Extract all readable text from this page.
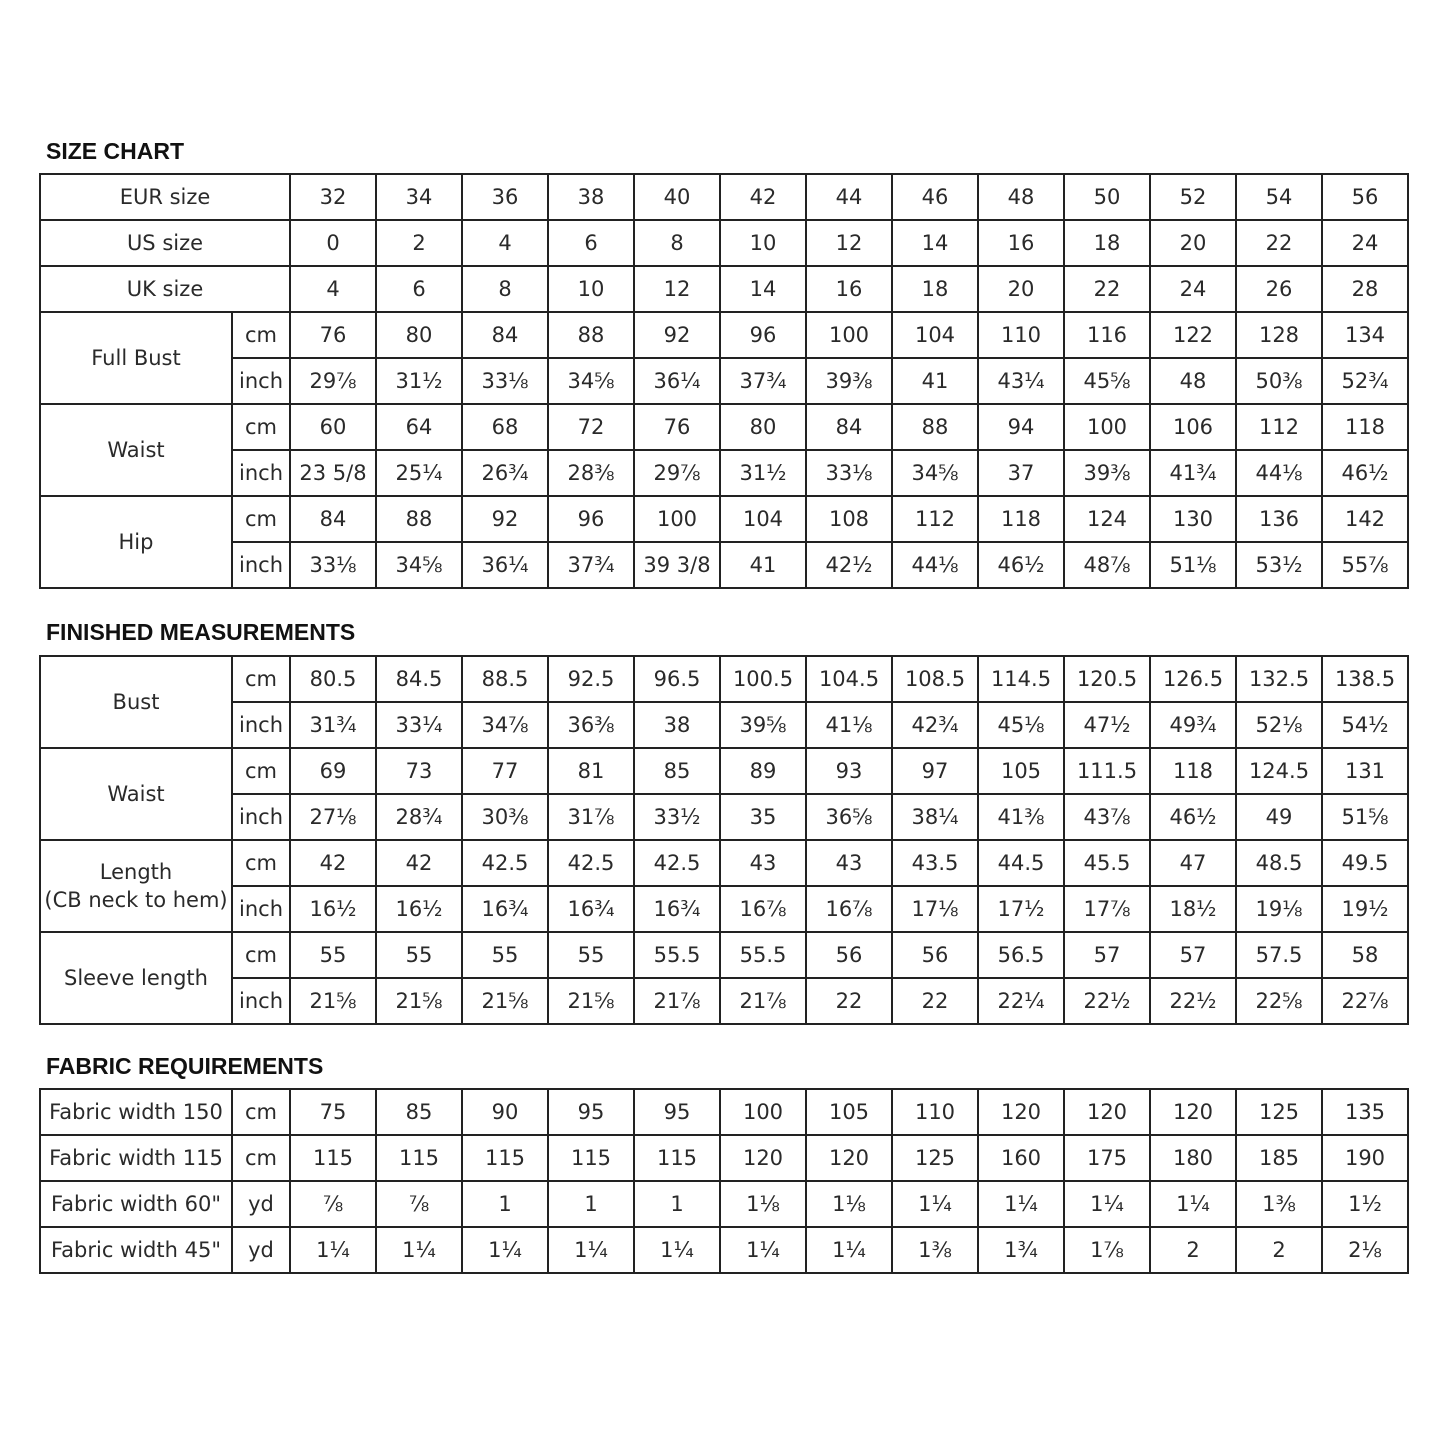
SIZE CHART
EUR size		32	34	36	38	40	42	44	46	48	50	52	54	56
US size		0	2	4	6	8	10	12	14	16	18	20	22	24
UK size		4	6	8	10	12	14	16	18	20	22	24	26	28
Full Bust	cm	76	80	84	88	92	96	100	104	110	116	122	128	134
	inch	29⅞	31½	33⅛	34⅝	36¼	37¾	39⅜	41	43¼	45⅝	48	50⅜	52¾
Waist	cm	60	64	68	72	76	80	84	88	94	100	106	112	118
	inch	23 5/8	25¼	26¾	28⅜	29⅞	31½	33⅛	34⅝	37	39⅜	41¾	44⅛	46½
Hip	cm	84	88	92	96	100	104	108	112	118	124	130	136	142
	inch	33⅛	34⅝	36¼	37¾	39 3/8	41	42½	44⅛	46½	48⅞	51⅛	53½	55⅞
FINISHED MEASUREMENTS
Bust	cm	80.5	84.5	88.5	92.5	96.5	100.5	104.5	108.5	114.5	120.5	126.5	132.5	138.5
	inch	31¾	33¼	34⅞	36⅜	38	39⅝	41⅛	42¾	45⅛	47½	49¾	52⅛	54½
Waist	cm	69	73	77	81	85	89	93	97	105	111.5	118	124.5	131
	inch	27⅛	28¾	30⅜	31⅞	33½	35	36⅝	38¼	41⅜	43⅞	46½	49	51⅝
Length
(CB neck to hem)	cm	42	42	42.5	42.5	42.5	43	43	43.5	44.5	45.5	47	48.5	49.5
	inch	16½	16½	16¾	16¾	16¾	16⅞	16⅞	17⅛	17½	17⅞	18½	19⅛	19½
Sleeve length	cm	55	55	55	55	55.5	55.5	56	56	56.5	57	57	57.5	58
	inch	21⅝	21⅝	21⅝	21⅝	21⅞	21⅞	22	22	22¼	22½	22½	22⅝	22⅞
FABRIC REQUIREMENTS
Fabric width 150	cm	75	85	90	95	95	100	105	110	120	120	120	125	135
Fabric width 115	cm	115	115	115	115	115	120	120	125	160	175	180	185	190
Fabric width 60"	yd	⅞	⅞	1	1	1	1⅛	1⅛	1¼	1¼	1¼	1¼	1⅜	1½
Fabric width 45"	yd	1¼	1¼	1¼	1¼	1¼	1¼	1¼	1⅜	1¾	1⅞	2	2	2⅛
